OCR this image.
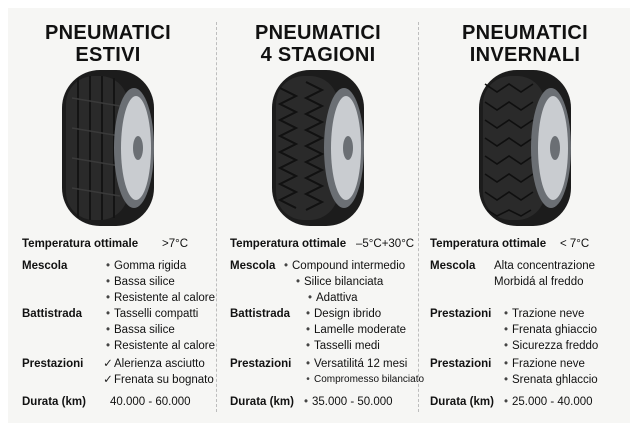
PNEUMATICI
ESTIVI
Temperatura ottimale >7°C
Mescola	• Gomma rigida
• Bassa silice
• Resistente al calore
Battistrada	• Tasselli compatti
• Bassa silice
• Resistente al calore
Prestazioni	✓ Alerienza asciutto
✓ Frenata su bognato
Durata (km) 40.000 - 60.000
PNEUMATICI
4 STAGIONI
Temperatura ottimale –5°C+30°C
Mescola	• Compound intermedio
• Silice bilanciata
• Adattiva
Battistrada	• Design ibrido
• Lamelle moderate
• Tasselli medi
Prestazioni	• Versatilitá 12 mesi
• Compromesso bilanciato
Durata (km)	• 35.000 - 50.000
PNEUMATICI
INVERNALI
Temperatura ottimale < 7°C
Mescola Alta concentrazione
Morbidá al freddo
Prestazioni	• Trazione neve
• Frenata ghiaccio
• Sicurezza freddo
Prestazioni	• Frazione neve
• Srenata ghlaccio
Durata (km)	• 25.000 - 40.000
